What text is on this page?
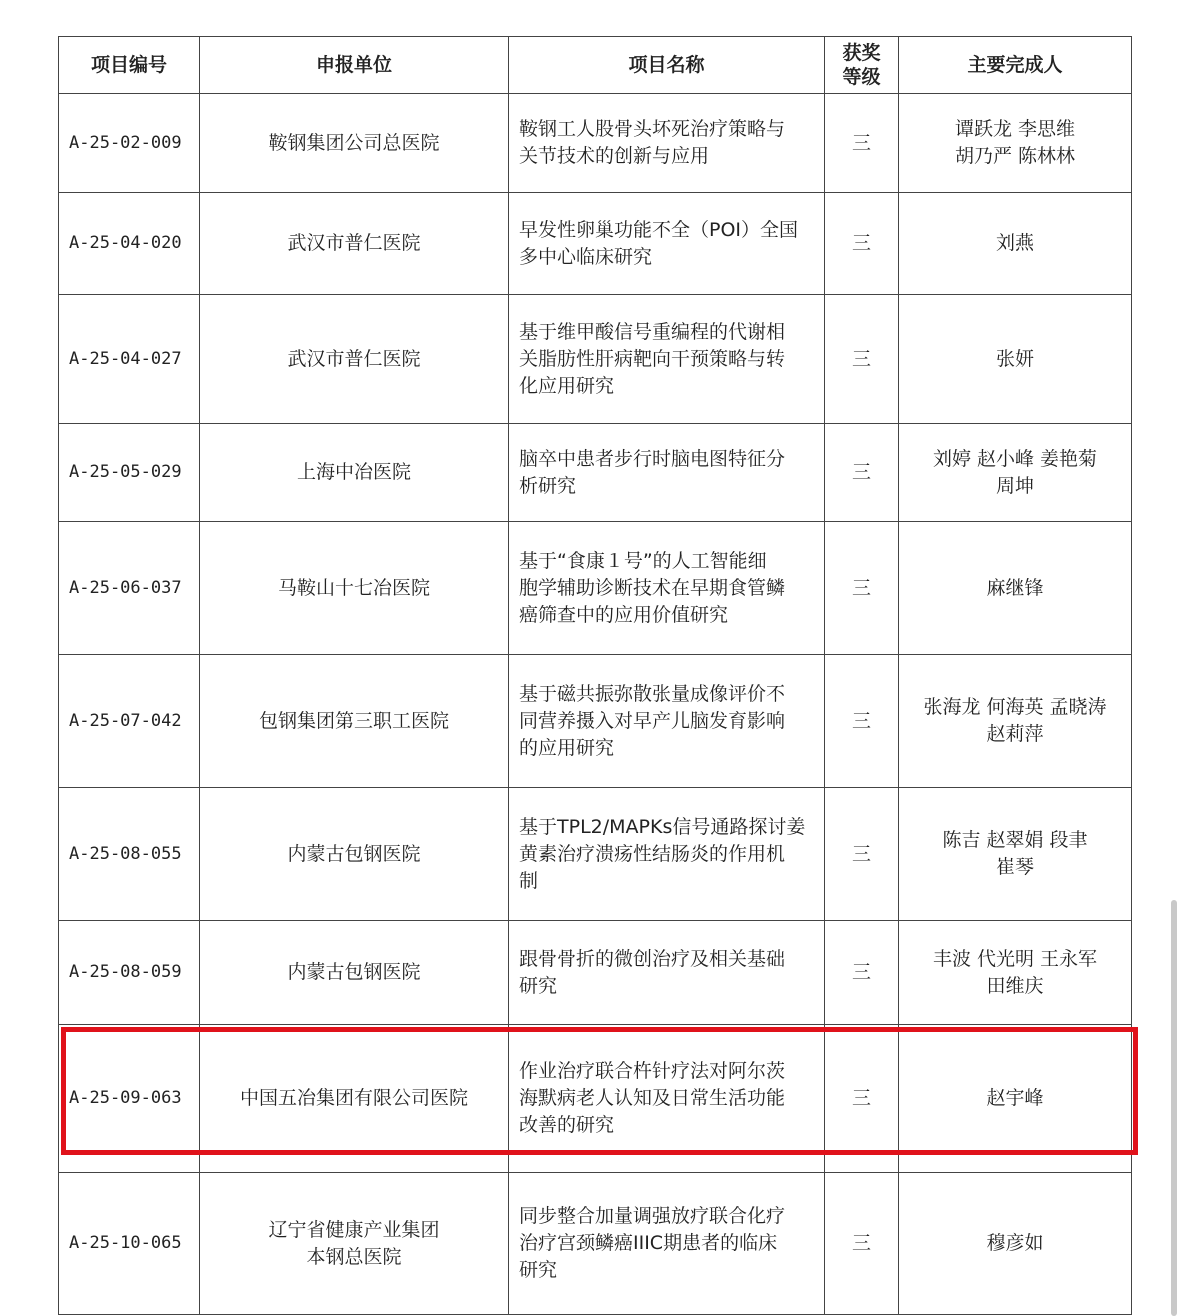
项目编号	申报单位	项目名称	获奖
等级	主要完成人
A-25-02-009	鞍钢集团公司总医院	鞍钢工人股骨头坏死治疗策略与
关节技术的创新与应用	三	谭跃龙 李思维
胡乃严 陈林林

A-25-04-020	武汉市普仁医院	早发性卵巢功能不全（POI）全国
多中心临床研究	三	刘燕

A-25-04-027	武汉市普仁医院	基于维甲酸信号重编程的代谢相
关脂肪性肝病靶向干预策略与转
化应用研究	三	张妍

A-25-05-029	上海中冶医院	脑卒中患者步行时脑电图特征分
析研究	三	刘婷 赵小峰 姜艳菊
周坤

A-25-06-037	马鞍山十七冶医院	基于“食康１号”的人工智能细
胞学辅助诊断技术在早期食管鳞
癌筛查中的应用价值研究	三	麻继锋

A-25-07-042	包钢集团第三职工医院	基于磁共振弥散张量成像评价不
同营养摄入对早产儿脑发育影响
的应用研究	三	张海龙 何海英 孟晓涛
赵莉萍

A-25-08-055	内蒙古包钢医院	基于TPL2/MAPKs信号通路探讨姜
黄素治疗溃疡性结肠炎的作用机
制	三	陈吉 赵翠娟 段聿
崔琴

A-25-08-059	内蒙古包钢医院	跟骨骨折的微创治疗及相关基础
研究	三	丰波 代光明 王永军
田维庆

A-25-09-063	中国五冶集团有限公司医院	作业治疗联合杵针疗法对阿尔茨
海默病老人认知及日常生活功能
改善的研究	三	赵宇峰

A-25-10-065	辽宁省健康产业集团
本钢总医院	同步整合加量调强放疗联合化疗
治疗宫颈鳞癌IIIC期患者的临床
研究	三	穆彦如
